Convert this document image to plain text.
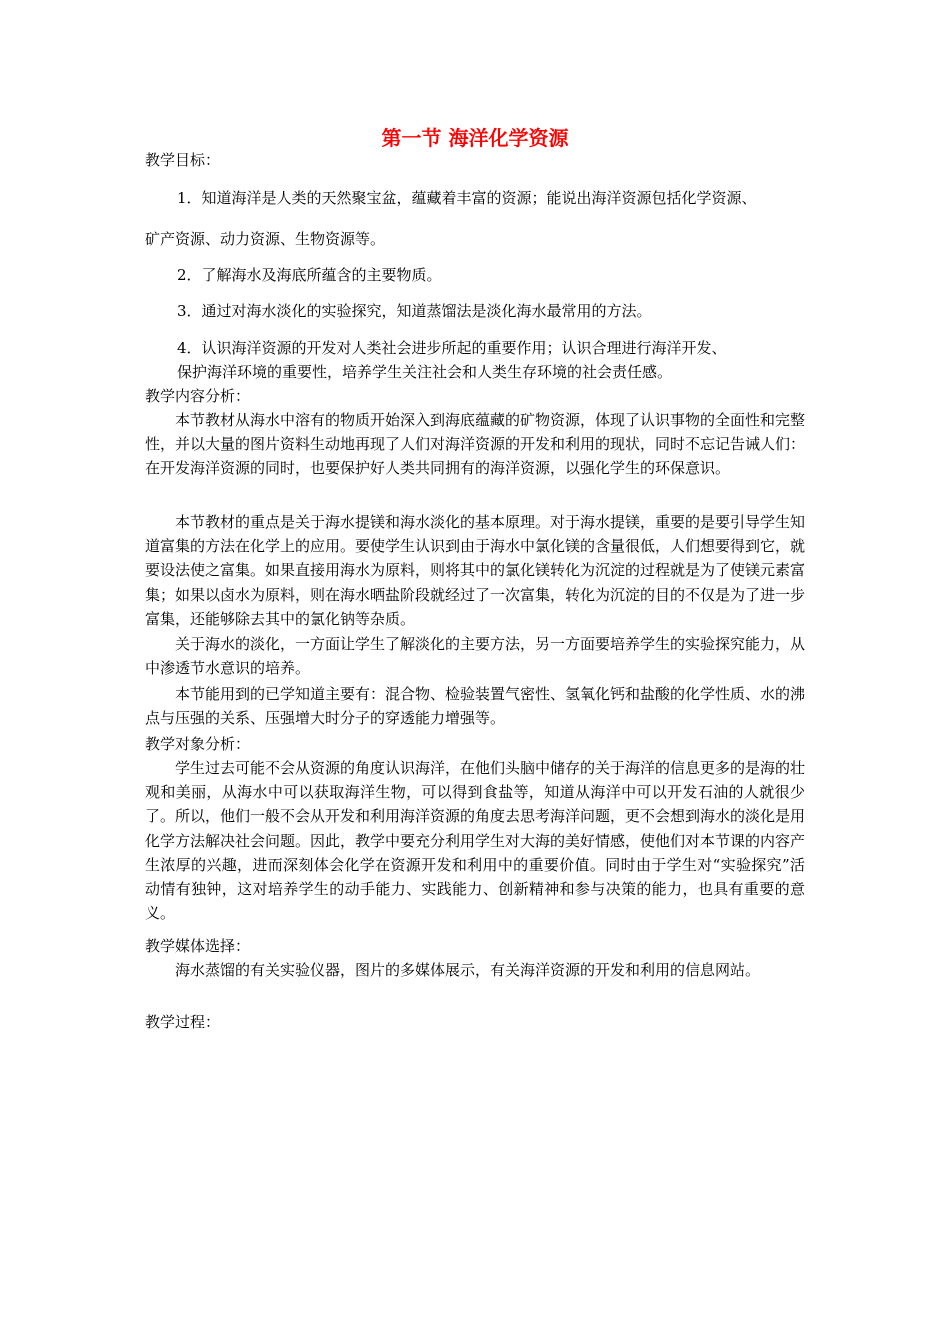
第一节 海洋化学资源

教学目标：

1．知道海洋是人类的天然聚宝盆，蕴藏着丰富的资源；能说出海洋资源包括化学资源、

矿产资源、动力资源、生物资源等。

2．了解海水及海底所蕴含的主要物质。

3．通过对海水淡化的实验探究，知道蒸馏法是淡化海水最常用的方法。

4．认识海洋资源的开发对人类社会进步所起的重要作用；认识合理进行海洋开发、

保护海洋环境的重要性，培养学生关注社会和人类生存环境的社会责任感。

教学内容分析：

本节教材从海水中溶有的物质开始深入到海底蕴藏的矿物资源，体现了认识事物的全面性和完整性，并以大量的图片资料生动地再现了人们对海洋资源的开发和利用的现状，同时不忘记告诫人们：在开发海洋资源的同时，也要保护好人类共同拥有的海洋资源，以强化学生的环保意识。

本节教材的重点是关于海水提镁和海水淡化的基本原理。对于海水提镁，重要的是要引导学生知道富集的方法在化学上的应用。要使学生认识到由于海水中氯化镁的含量很低，人们想要得到它，就要设法使之富集。如果直接用海水为原料，则将其中的氯化镁转化为沉淀的过程就是为了使镁元素富集；如果以卤水为原料，则在海水晒盐阶段就经过了一次富集，转化为沉淀的目的不仅是为了进一步富集，还能够除去其中的氯化钠等杂质。

关于海水的淡化，一方面让学生了解淡化的主要方法，另一方面要培养学生的实验探究能力，从中渗透节水意识的培养。

本节能用到的已学知道主要有：混合物、检验装置气密性、氢氧化钙和盐酸的化学性质、水的沸点与压强的关系、压强增大时分子的穿透能力增强等。

教学对象分析：

学生过去可能不会从资源的角度认识海洋，在他们头脑中储存的关于海洋的信息更多的是海的壮观和美丽，从海水中可以获取海洋生物，可以得到食盐等，知道从海洋中可以开发石油的人就很少了。所以，他们一般不会从开发和利用海洋资源的角度去思考海洋问题，更不会想到海水的淡化是用化学方法解决社会问题。因此，教学中要充分利用学生对大海的美好情感，使他们对本节课的内容产生浓厚的兴趣，进而深刻体会化学在资源开发和利用中的重要价值。同时由于学生对“实验探究”活动情有独钟，这对培养学生的动手能力、实践能力、创新精神和参与决策的能力，也具有重要的意义。

教学媒体选择：

海水蒸馏的有关实验仪器，图片的多媒体展示，有关海洋资源的开发和利用的信息网站。

教学过程：
